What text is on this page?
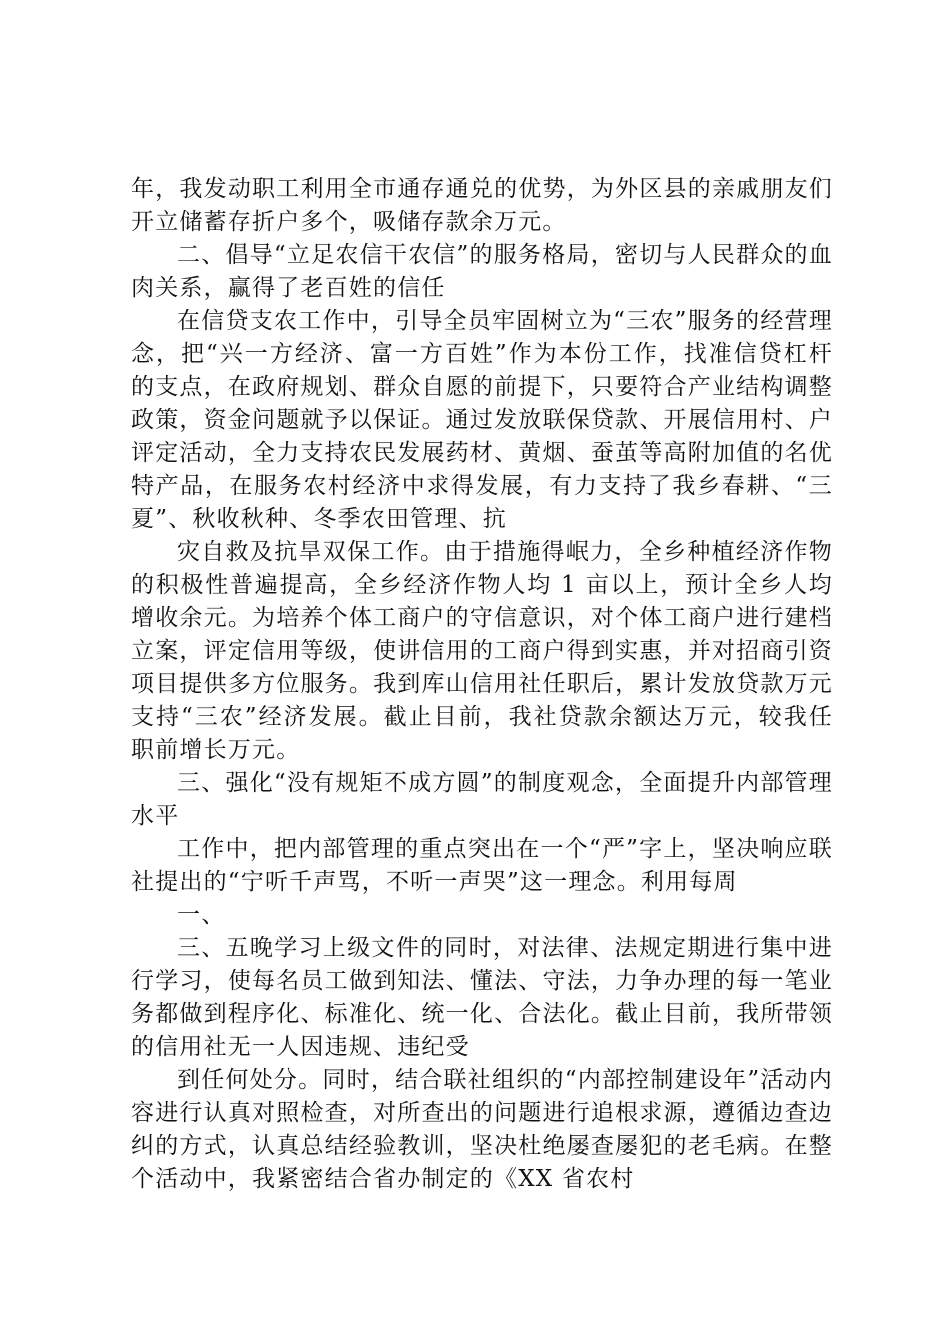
年，我发动职工利用全市通存通兑的优势，为外区县的亲戚朋友们开立储蓄存折户多个，吸储存款余万元。

二、倡导“立足农信干农信”的服务格局，密切与人民群众的血肉关系，赢得了老百姓的信任

在信贷支农工作中，引导全员牢固树立为“三农”服务的经营理念，把“兴一方经济、富一方百姓”作为本份工作，找准信贷杠杆的支点，在政府规划、群众自愿的前提下，只要符合产业结构调整政策，资金问题就予以保证。通过发放联保贷款、开展信用村、户评定活动，全力支持农民发展药材、黄烟、蚕茧等高附加值的名优特产品，在服务农村经济中求得发展，有力支持了我乡春耕、“三夏”、秋收秋种、冬季农田管理、抗

灾自救及抗旱双保工作。由于措施得岷力，全乡种植经济作物的积极性普遍提高，全乡经济作物人均 1 亩以上，预计全乡人均增收余元。为培养个体工商户的守信意识，对个体工商户进行建档立案，评定信用等级，使讲信用的工商户得到实惠，并对招商引资项目提供多方位服务。我到库山信用社任职后，累计发放贷款万元支持“三农”经济发展。截止目前，我社贷款余额达万元，较我任职前增长万元。

三、强化“没有规矩不成方圆”的制度观念，全面提升内部管理水平

工作中，把内部管理的重点突出在一个“严”字上，坚决响应联社提出的“宁听千声骂，不听一声哭”这一理念。利用每周

一、

三、五晚学习上级文件的同时，对法律、法规定期进行集中进行学习，使每名员工做到知法、懂法、守法，力争办理的每一笔业务都做到程序化、标准化、统一化、合法化。截止目前，我所带领的信用社无一人因违规、违纪受

到任何处分。同时，结合联社组织的“内部控制建设年”活动内容进行认真对照检查，对所查出的问题进行追根求源，遵循边查边纠的方式，认真总结经验教训，坚决杜绝屡查屡犯的老毛病。在整个活动中，我紧密结合省办制定的《XX 省农村
